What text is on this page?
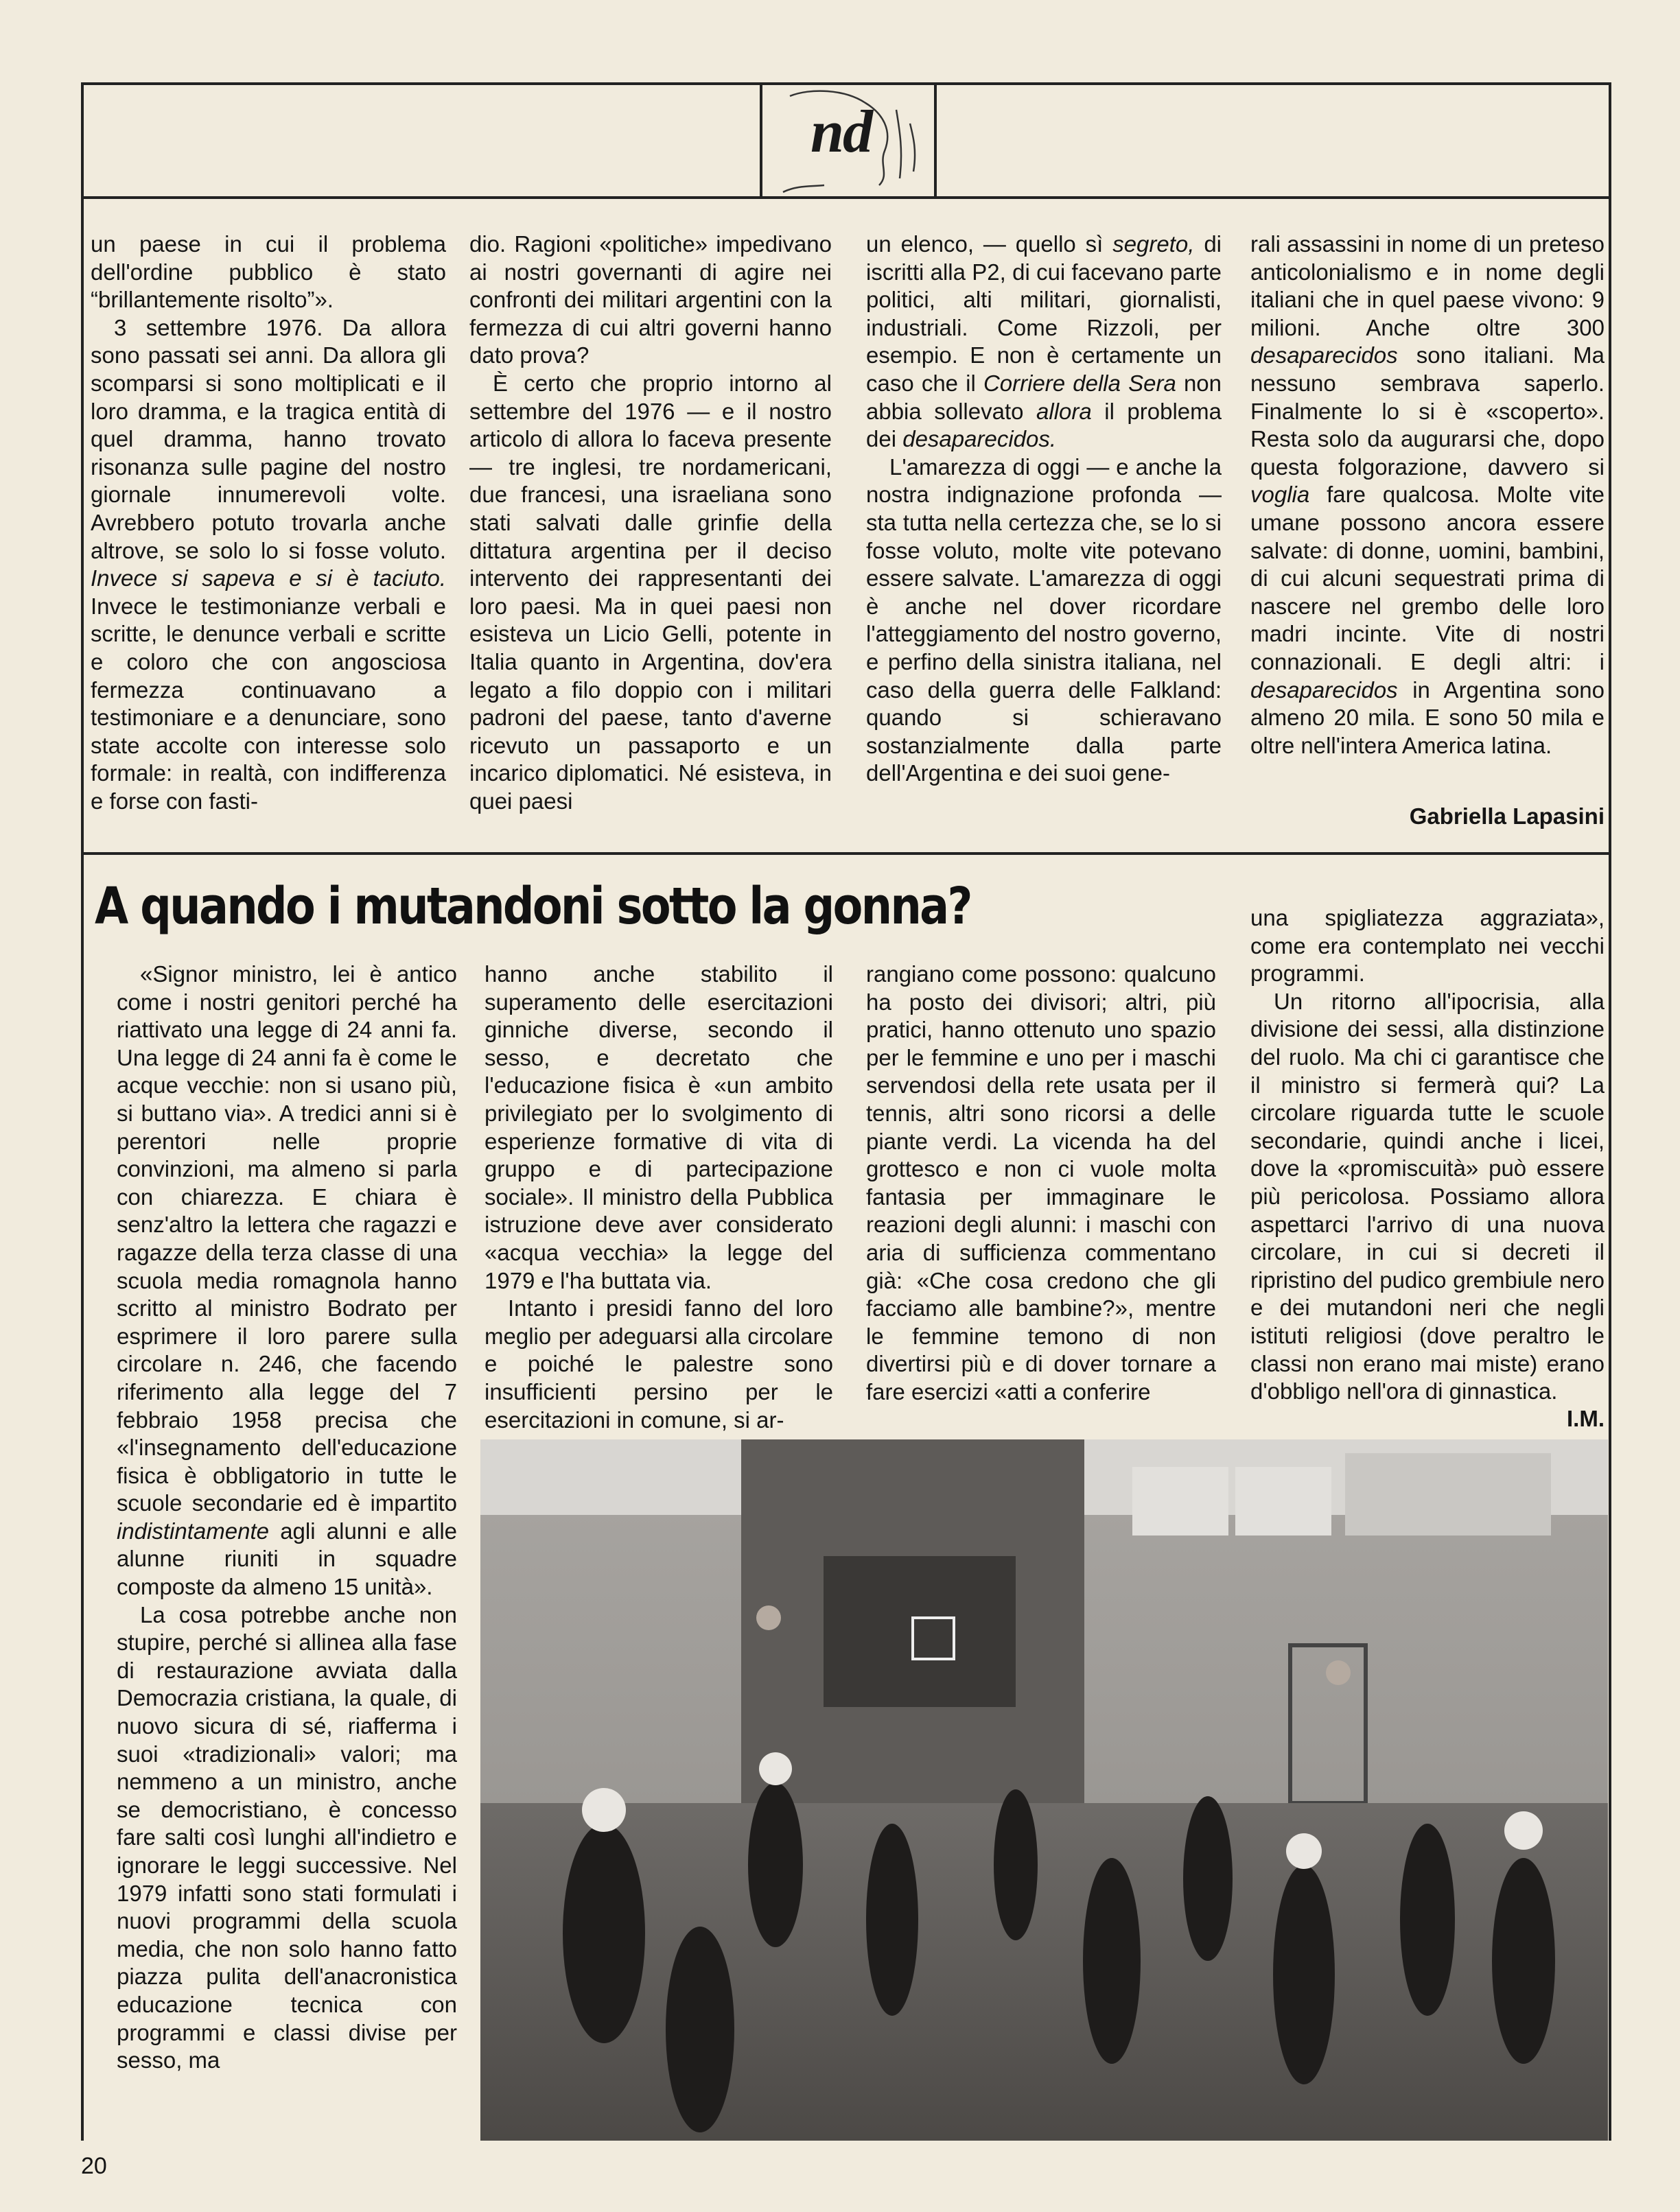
nd

un paese in cui il problema dell'ordine pubblico è stato “brillantemente risolto”».

3 settembre 1976. Da allora sono passati sei anni. Da allora gli scomparsi si sono moltiplicati e il loro dramma, e la tragica entità di quel dramma, hanno trovato risonanza sulle pagine del nostro giornale innumerevoli volte. Avrebbero potuto trovarla anche altrove, se solo lo si fosse voluto. Invece si sapeva e si è taciuto. Invece le testimonianze verbali e scritte, le denunce verbali e scritte e coloro che con angosciosa fermezza continuavano a testimoniare e a denunciare, sono state accolte con interesse solo formale: in realtà, con indifferenza e forse con fasti-

dio. Ragioni «politiche» impedivano ai nostri governanti di agire nei confronti dei militari argentini con la fermezza di cui altri governi hanno dato prova?

È certo che proprio intorno al settembre del 1976 — e il nostro articolo di allora lo faceva presente — tre inglesi, tre nordamericani, due francesi, una israeliana sono stati salvati dalle grinfie della dittatura argentina per il deciso intervento dei rappresentanti dei loro paesi. Ma in quei paesi non esisteva un Licio Gelli, potente in Italia quanto in Argentina, dov'era legato a filo doppio con i militari padroni del paese, tanto d'averne ricevuto un passaporto e un incarico diplomatici. Né esisteva, in quei paesi

un elenco, — quello sì segreto, di iscritti alla P2, di cui facevano parte politici, alti militari, giornalisti, industriali. Come Rizzoli, per esempio. E non è certamente un caso che il Corriere della Sera non abbia sollevato allora il problema dei desaparecidos.

L'amarezza di oggi — e anche la nostra indignazione profonda — sta tutta nella certezza che, se lo si fosse voluto, molte vite potevano essere salvate. L'amarezza di oggi è anche nel dover ricordare l'atteggiamento del nostro governo, e perfino della sinistra italiana, nel caso della guerra delle Falkland: quando si schieravano sostanzialmente dalla parte dell'Argentina e dei suoi gene-

rali assassini in nome di un preteso anticolonialismo e in nome degli italiani che in quel paese vivono: 9 milioni. Anche oltre 300 desaparecidos sono italiani. Ma nessuno sembrava saperlo. Finalmente lo si è «scoperto». Resta solo da augurarsi che, dopo questa folgorazione, davvero si voglia fare qualcosa. Molte vite umane possono ancora essere salvate: di donne, uomini, bambini, di cui alcuni sequestrati prima di nascere nel grembo delle loro madri incinte. Vite di nostri connazionali. E degli altri: i desaparecidos in Argentina sono almeno 20 mila. E sono 50 mila e oltre nell'intera America latina.

Gabriella Lapasini
A quando i mutandoni sotto la gonna?

«Signor ministro, lei è antico come i nostri genitori perché ha riattivato una legge di 24 anni fa. Una legge di 24 anni fa è come le acque vecchie: non si usano più, si buttano via». A tredici anni si è perentori nelle proprie convinzioni, ma almeno si parla con chiarezza. E chiara è senz'altro la lettera che ragazzi e ragazze della terza classe di una scuola media romagnola hanno scritto al ministro Bodrato per esprimere il loro parere sulla circolare n. 246, che facendo riferimento alla legge del 7 febbraio 1958 precisa che «l'insegnamento dell'educazione fisica è obbligatorio in tutte le scuole secondarie ed è impartito indistintamente agli alunni e alle alunne riuniti in squadre composte da almeno 15 unità».

La cosa potrebbe anche non stupire, perché si allinea alla fase di restaurazione avviata dalla Democrazia cristiana, la quale, di nuovo sicura di sé, riafferma i suoi «tradizionali» valori; ma nemmeno a un ministro, anche se democristiano, è concesso fare salti così lunghi all'indietro e ignorare le leggi successive. Nel 1979 infatti sono stati formulati i nuovi programmi della scuola media, che non solo hanno fatto piazza pulita dell'anacronistica educazione tecnica con programmi e classi divise per sesso, ma

hanno anche stabilito il superamento delle esercitazioni ginniche diverse, secondo il sesso, e decretato che l'educazione fisica è «un ambito privilegiato per lo svolgimento di esperienze formative di vita di gruppo e di partecipazione sociale». Il ministro della Pubblica istruzione deve aver considerato «acqua vecchia» la legge del 1979 e l'ha buttata via.

Intanto i presidi fanno del loro meglio per adeguarsi alla circolare e poiché le palestre sono insufficienti persino per le esercitazioni in comune, si ar-

rangiano come possono: qualcuno ha posto dei divisori; altri, più pratici, hanno ottenuto uno spazio per le femmine e uno per i maschi servendosi della rete usata per il tennis, altri sono ricorsi a delle piante verdi. La vicenda ha del grottesco e non ci vuole molta fantasia per immaginare le reazioni degli alunni: i maschi con aria di sufficienza commentano già: «Che cosa credono che gli facciamo alle bambine?», mentre le femmine temono di non divertirsi più e di dover tornare a fare esercizi «atti a conferire

una spigliatezza aggraziata», come era contemplato nei vecchi programmi.

Un ritorno all'ipocrisia, alla divisione dei sessi, alla distinzione del ruolo. Ma chi ci garantisce che il ministro si fermerà qui? La circolare riguarda tutte le scuole secondarie, quindi anche i licei, dove la «promiscuità» può essere più pericolosa. Possiamo allora aspettarci l'arrivo di una nuova circolare, in cui si decreti il ripristino del pudico grembiule nero e dei mutandoni neri che negli istituti religiosi (dove peraltro le classi non erano mai miste) erano d'obbligo nell'ora di ginnastica.

I.M.
20
